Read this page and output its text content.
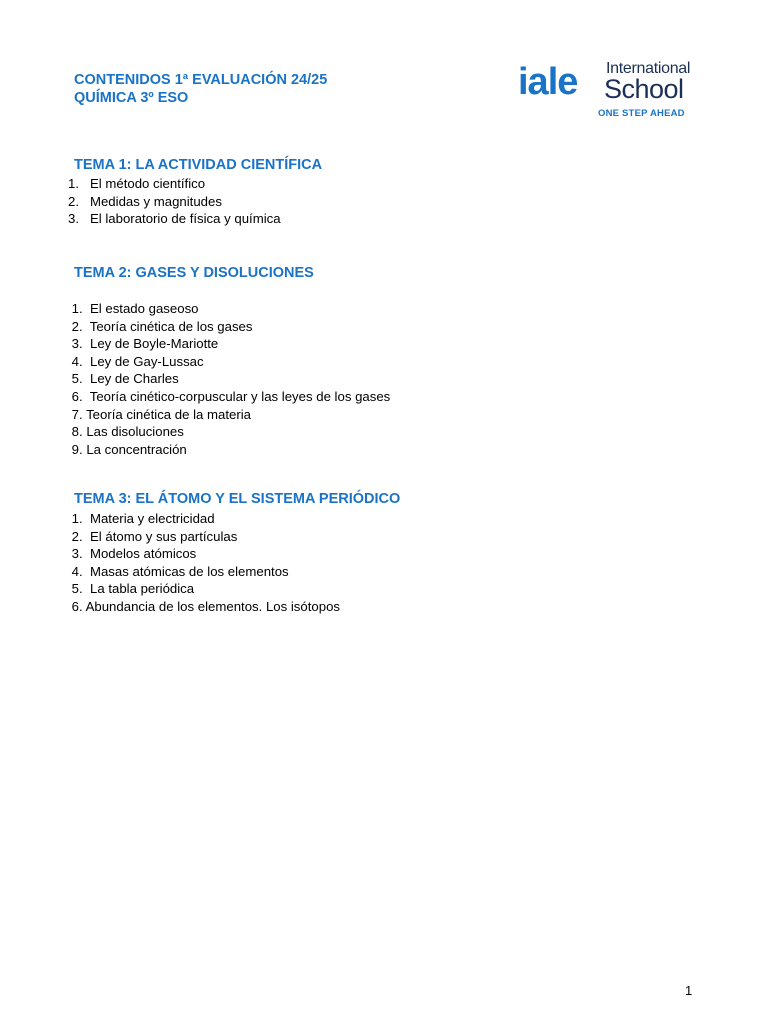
CONTENIDOS 1ª EVALUACIÓN 24/25
QUÍMICA 3º ESO	iale International
School
ONE STEP AHEAD
TEMA 1: LA ACTIVIDAD CIENTÍFICA
1.   El método científico
2.   Medidas y magnitudes
3.   El laboratorio de física y química
TEMA 2: GASES Y DISOLUCIONES
1.  El estado gaseoso
2.  Teoría cinética de los gases
3.  Ley de Boyle-Mariotte
4.  Ley de Gay-Lussac
5.  Ley de Charles
6.  Teoría cinético-corpuscular y las leyes de los gases
7. Teoría cinética de la materia
8. Las disoluciones
9. La concentración
TEMA 3: EL ÁTOMO Y EL SISTEMA PERIÓDICO
1.  Materia y electricidad
2.  El átomo y sus partículas
3.  Modelos atómicos
4.  Masas atómicas de los elementos
5.  La tabla periódica
6. Abundancia de los elementos. Los isótopos
1
